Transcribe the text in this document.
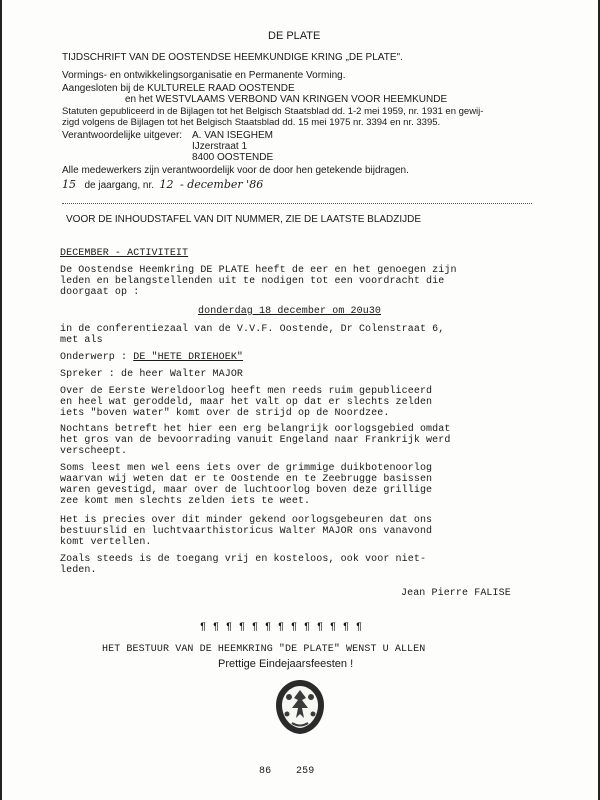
DE PLATE
TIJDSCHRIFT VAN DE OOSTENDSE HEEMKUNDIGE KRING „DE PLATE".
Vormings- en ontwikkelingsorganisatie en Permanente Vorming.
Aangesloten bij de KULTURELE RAAD OOSTENDE
en het WESTVLAAMS VERBOND VAN KRINGEN VOOR HEEMKUNDE
Statuten gepubliceerd in de Bijlagen tot het Belgisch Staatsblad dd. 1-2 mei 1959, nr. 1931 en gewij-
zigd volgens de Bijlagen tot het Belgisch Staatsblad dd. 15 mei 1975 nr. 3394 en nr. 3395.
Verantwoordelijke uitgever: A. VAN ISEGHEM
IJzerstraat 1
8400 OOSTENDE
Alle medewerkers zijn verantwoordelijk voor de door hen getekende bijdragen.
15 de jaargang, nr. 12 - december '86
VOOR DE INHOUDSTAFEL VAN DIT NUMMER, ZIE DE LAATSTE BLADZIJDE
DECEMBER - ACTIVITEIT
De Oostendse Heemkring DE PLATE heeft de eer en het genoegen zijn
leden en belangstellenden uit te nodigen tot een voordracht die
doorgaat op :
donderdag 18 december om 20u30
in de conferentiezaal van de V.V.F. Oostende, Dr Colenstraat 6,
met als
Onderwerp : DE "HETE DRIEHOEK"
Spreker : de heer Walter MAJOR
Over de Eerste Wereldoorlog heeft men reeds ruim gepubliceerd
en heel wat geroddeld, maar het valt op dat er slechts zelden
iets "boven water" komt over de strijd op de Noordzee.
Nochtans betreft het hier een erg belangrijk oorlogsgebied omdat
het gros van de bevoorrading vanuit Engeland naar Frankrijk werd
verscheept.
Soms leest men wel eens iets over de grimmige duikbotenoorlog
waarvan wij weten dat er te Oostende en te Zeebrugge basissen
waren gevestigd, maar over de luchtoorlog boven deze grillige
zee komt men slechts zelden iets te weet.
Het is precies over dit minder gekend oorlogsgebeuren dat ons
bestuurslid en luchtvaarthistoricus Walter MAJOR ons vanavond
komt vertellen.
Zoals steeds is de toegang vrij en kosteloos, ook voor niet-
leden.
Jean Pierre FALISE
¶ ¶ ¶ ¶ ¶ ¶ ¶ ¶ ¶ ¶ ¶ ¶ ¶
HET BESTUUR VAN DE HEEMKRING "DE PLATE" WENST U ALLEN
Prettige Eindejaarsfeesten !
86 259
